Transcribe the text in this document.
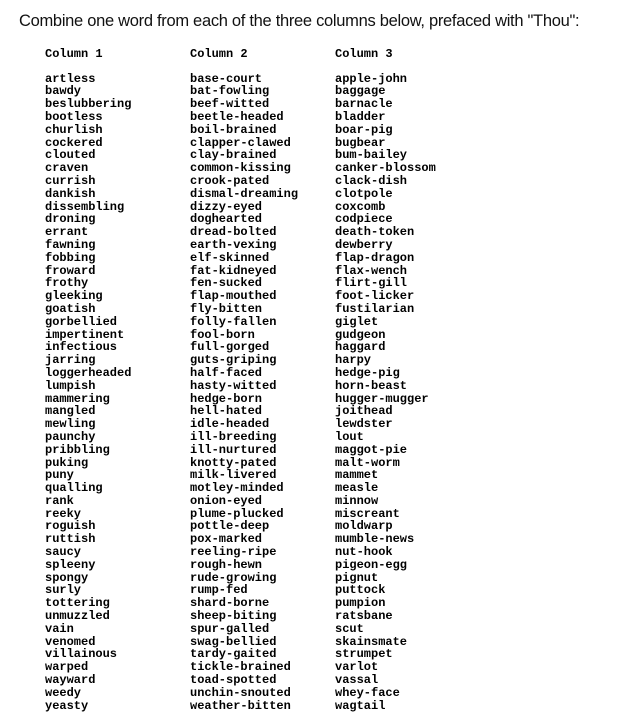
Combine one word from each of the three columns below, prefaced with "Thou":
Column 1
artless
bawdy
beslubbering
bootless
churlish
cockered
clouted
craven
currish
dankish
dissembling
droning
errant
fawning
fobbing
froward
frothy
gleeking
goatish
gorbellied
impertinent
infectious
jarring
loggerheaded
lumpish
mammering
mangled
mewling
paunchy
pribbling
puking
puny
qualling
rank
reeky
roguish
ruttish
saucy
spleeny
spongy
surly
tottering
unmuzzled
vain
venomed
villainous
warped
wayward
weedy
yeasty
Column 2
base-court
bat-fowling
beef-witted
beetle-headed
boil-brained
clapper-clawed
clay-brained
common-kissing
crook-pated
dismal-dreaming
dizzy-eyed
doghearted
dread-bolted
earth-vexing
elf-skinned
fat-kidneyed
fen-sucked
flap-mouthed
fly-bitten
folly-fallen
fool-born
full-gorged
guts-griping
half-faced
hasty-witted
hedge-born
hell-hated
idle-headed
ill-breeding
ill-nurtured
knotty-pated
milk-livered
motley-minded
onion-eyed
plume-plucked
pottle-deep
pox-marked
reeling-ripe
rough-hewn
rude-growing
rump-fed
shard-borne
sheep-biting
spur-galled
swag-bellied
tardy-gaited
tickle-brained
toad-spotted
unchin-snouted
weather-bitten
Column 3
apple-john
baggage
barnacle
bladder
boar-pig
bugbear
bum-bailey
canker-blossom
clack-dish
clotpole
coxcomb
codpiece
death-token
dewberry
flap-dragon
flax-wench
flirt-gill
foot-licker
fustilarian
giglet
gudgeon
haggard
harpy
hedge-pig
horn-beast
hugger-mugger
joithead
lewdster
lout
maggot-pie
malt-worm
mammet
measle
minnow
miscreant
moldwarp
mumble-news
nut-hook
pigeon-egg
pignut
puttock
pumpion
ratsbane
scut
skainsmate
strumpet
varlot
vassal
whey-face
wagtail
